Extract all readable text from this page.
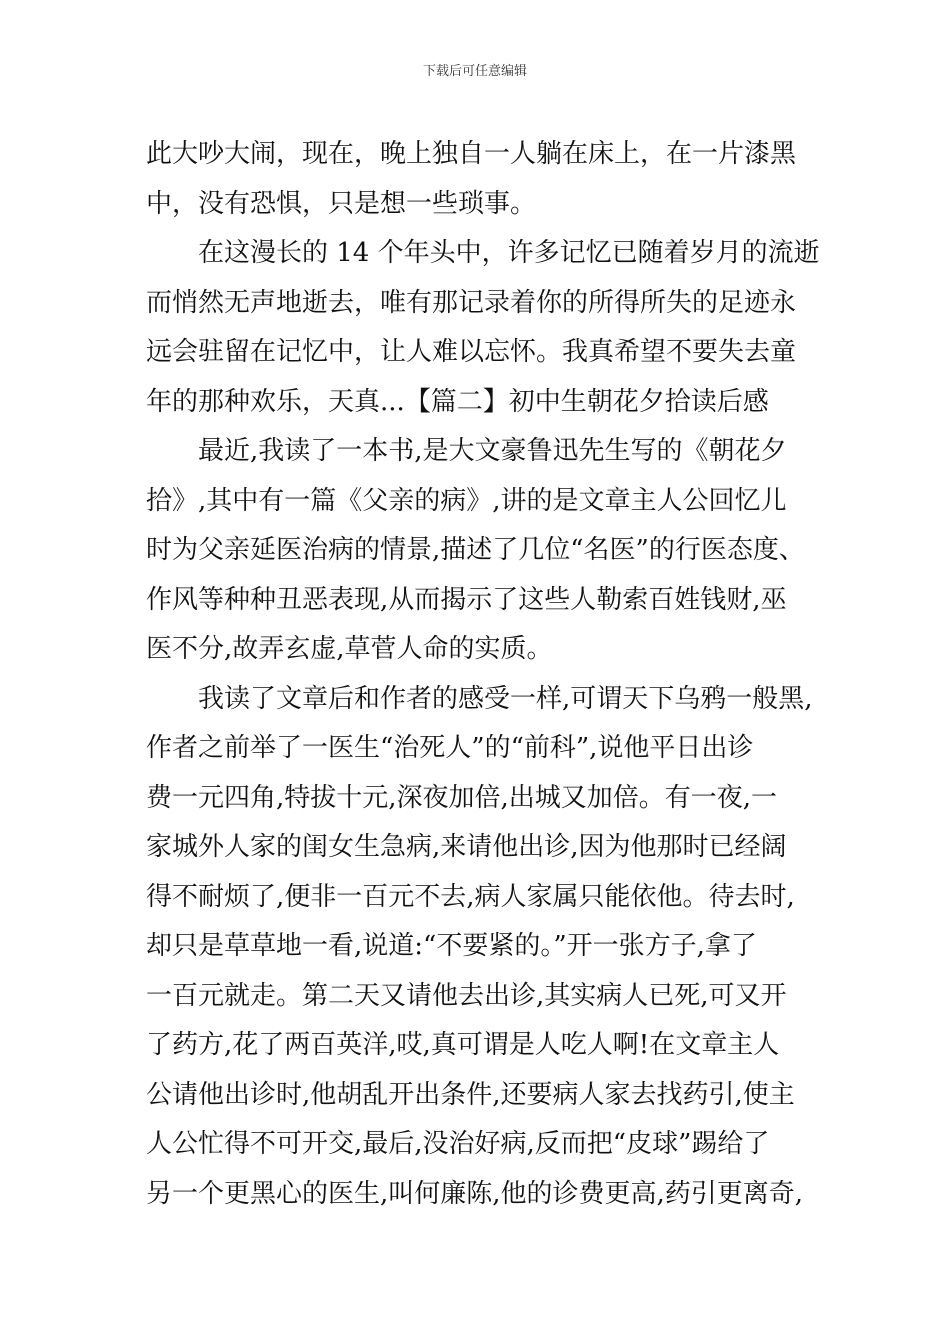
下载后可任意编辑
此大吵大闹，现在，晚上独自一人躺在床上，在一片漆黑
中，没有恐惧，只是想一些琐事。
在这漫长的 14 个年头中，许多记忆已随着岁月的流逝
而悄然无声地逝去，唯有那记录着你的所得所失的足迹永
远会驻留在记忆中，让人难以忘怀。我真希望不要失去童
年的那种欢乐，天真...【篇二】初中生朝花夕拾读后感
最近,我读了一本书,是大文豪鲁迅先生写的《朝花夕
拾》,其中有一篇《父亲的病》,讲的是文章主人公回忆儿
时为父亲延医治病的情景,描述了几位“名医”的行医态度、
作风等种种丑恶表现,从而揭示了这些人勒索百姓钱财,巫
医不分,故弄玄虚,草菅人命的实质。
我读了文章后和作者的感受一样,可谓天下乌鸦一般黑,
作者之前举了一医生“治死人”的“前科”,说他平日出诊
费一元四角,特拔十元,深夜加倍,出城又加倍。有一夜,一
家城外人家的闺女生急病,来请他出诊,因为他那时已经阔
得不耐烦了,便非一百元不去,病人家属只能依他。待去时,
却只是草草地一看,说道:“不要紧的。”开一张方子,拿了
一百元就走。第二天又请他去出诊,其实病人已死,可又开
了药方,花了两百英洋,哎,真可谓是人吃人啊!在文章主人
公请他出诊时,他胡乱开出条件,还要病人家去找药引,使主
人公忙得不可开交,最后,没治好病,反而把“皮球”踢给了
另一个更黑心的医生,叫何廉陈,他的诊费更高,药引更离奇,
